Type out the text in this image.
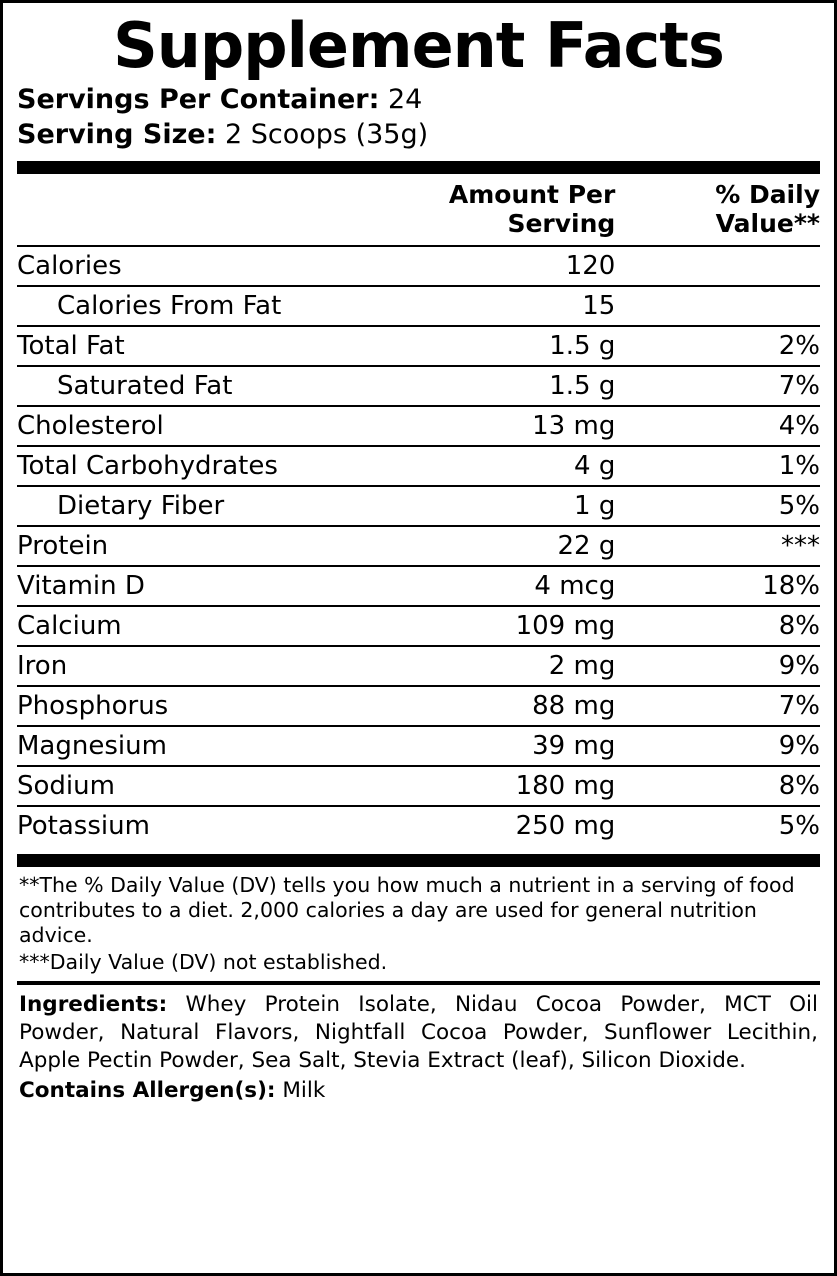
Supplement Facts
Servings Per Container: 24
Serving Size: 2 Scoops (35g)
	Amount Per Serving	% Daily Value**
Calories	120	
Calories From Fat	15	
Total Fat	1.5 g	2%
Saturated Fat	1.5 g	7%
Cholesterol	13 mg	4%
Total Carbohydrates	4 g	1%
Dietary Fiber	1 g	5%
Protein	22 g	***
Vitamin D	4 mcg	18%
Calcium	109 mg	8%
Iron	2 mg	9%
Phosphorus	88 mg	7%
Magnesium	39 mg	9%
Sodium	180 mg	8%
Potassium	250 mg	5%
**The % Daily Value (DV) tells you how much a nutrient in a serving of food contributes to a diet. 2,000 calories a day are used for general nutrition advice.
***Daily Value (DV) not established.
Ingredients: Whey Protein Isolate, Nidau Cocoa Powder, MCT Oil Powder, Natural Flavors, Nightfall Cocoa Powder, Sunflower Lecithin, Apple Pectin Powder, Sea Salt, Stevia Extract (leaf), Silicon Dioxide.
Contains Allergen(s): Milk
